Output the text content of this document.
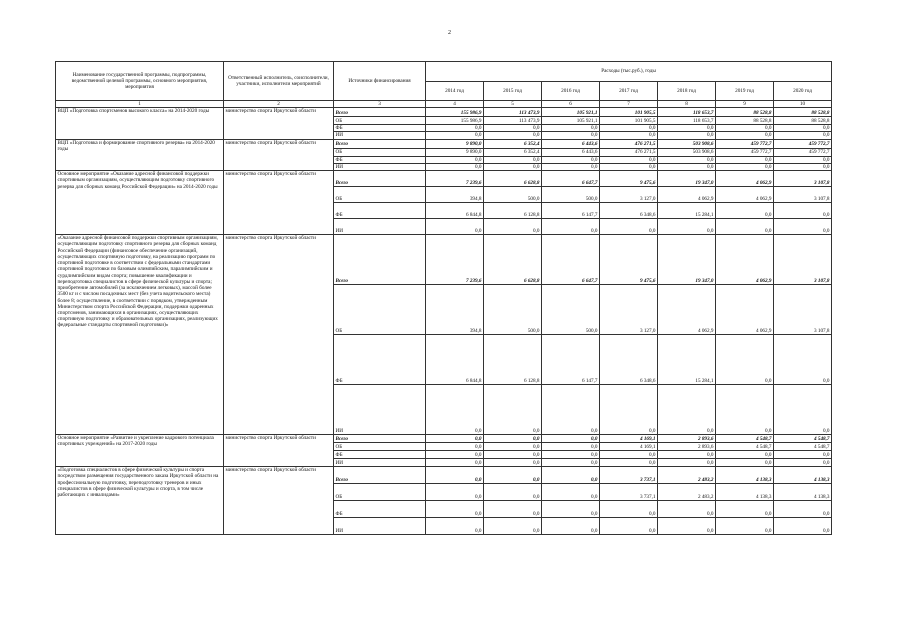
2
Наименование государственной программы, подпрограммы, ведомственной целевой программы, основного мероприятия, мероприятия	Ответственный исполнитель, соисполнители, участники, исполнители мероприятий	Источники финансирования	Расходы (тыс.руб.), годы						
			2014 год	2015 год	2016 год	2017 год	2018 год	2019 год	2020 год
1	2	3	4	5	6	7	8	9	10
ВЦП «Подготовка спортсменов высокого класса» на 2014-2020 годы	министерство спорта Иркутской области	Всего	155 986,9	113 473,9	105 921,1	101 905,5	118 653,7	88 528,8	88 528,8
		ОБ	155 986,9	113 473,9	105 921,1	101 905,5	118 653,7	88 528,8	88 528,8
		ФБ	0,0	0,0	0,0	0,0	0,0	0,0	0,0
		ИИ	0,0	0,0	0,0	0,0	0,0	0,0	0,0
ВЦП «Подготовка и формирование спортивного резерва» на 2014-2020 годы	министерство спорта Иркутской области	Всего	9 890,0	6 352,4	6 443,6	476 271,5	503 908,6	459 772,7	459 772,7
		ОБ	9 890,0	6 352,4	6 443,6	476 271,5	503 908,6	459 772,7	459 772,7
		ФБ	0,0	0,0	0,0	0,0	0,0	0,0	0,0
		ИИ	0,0	0,0	0,0	0,0	0,0	0,0	0,0
Основное мероприятие «Оказание адресной финансовой поддержки спортивным организациям, осуществляющим подготовку спортивного резерва для сборных команд Российской Федерации» на 2014-2020 годы	министерство спорта Иркутской области	Всего	7 239,6	6 628,8	6 647,7	9 475,6	19 347,0	4 062,9	3 107,8
		ОБ	394,8	500,0	500,0	3 127,0	4 062,9	4 062,9	3 107,8
		ФБ	6 844,8	6 128,8	6 147,7	6 348,6	15 284,1	0,0	0,0
		ИИ	0,0	0,0	0,0	0,0	0,0	0,0	0,0
«Оказание адресной финансовой поддержки спортивным организациям, осуществляющим подготовку спортивного резерва для сборных команд Российской Федерации (финансовое обеспечение организаций, осуществляющих спортивную подготовку, на реализацию программ по спортивной подготовке в соответствии с федеральными стандартами спортивной подготовки по базовым олимпийским, паралимпийским и сурдлимпийским видам спорта; повышение квалификации и переподготовка специалистов в сфере физической культуры и спорта; приобретение автомобилей (за исключением легковых), массой более 3500 кг и с числом посадочных мест (без учета водительского места) более 8; осуществление, в соответствии с порядком, утвержденным Министерством спорта Российской Федерации, поддержки одаренных спортсменов, занимающихся в организациях, осуществляющих спортивную подготовку и образовательных организациях, реализующих федеральные стандарты спортивной подготовки)»	министерство спорта Иркутской области	Всего	7 239,6	6 628,8	6 647,7	9 475,6	19 347,0	4 062,9	3 107,8
		ОБ	394,8	500,0	500,0	3 127,0	4 062,9	4 062,9	3 107,8
		ФБ	6 844,8	6 128,8	6 147,7	6 348,6	15 284,1	0,0	0,0
		ИИ	0,0	0,0	0,0	0,0	0,0	0,0	0,0
Основное мероприятие «Развитие и укрепление кадрового потенциала спортивных учреждений» на 2017-2020 годы	министерство спорта Иркутской области	Всего	0,0	0,0	0,0	4 169,1	2 893,6	4 548,7	4 548,7
		ОБ	0,0	0,0	0,0	4 169,1	2 893,6	4 548,7	4 548,7
		ФБ	0,0	0,0	0,0	0,0	0,0	0,0	0,0
		ИИ	0,0	0,0	0,0	0,0	0,0	0,0	0,0
«Подготовка специалистов в сфере физической культуры и спорта посредством размещения государственного заказа Иркутской области на профессиональную подготовку, переподготовку тренеров и иных специалистов в сфере физической культуры и спорта, в том числе работающих с инвалидами»	министерство спорта Иркутской области	Всего	0,0	0,0	0,0	3 737,1	2 483,2	4 138,3	4 138,3
		ОБ	0,0	0,0	0,0	3 737,1	2 483,2	4 138,3	4 138,3
		ФБ	0,0	0,0	0,0	0,0	0,0	0,0	0,0
		ИИ	0,0	0,0	0,0	0,0	0,0	0,0	0,0
